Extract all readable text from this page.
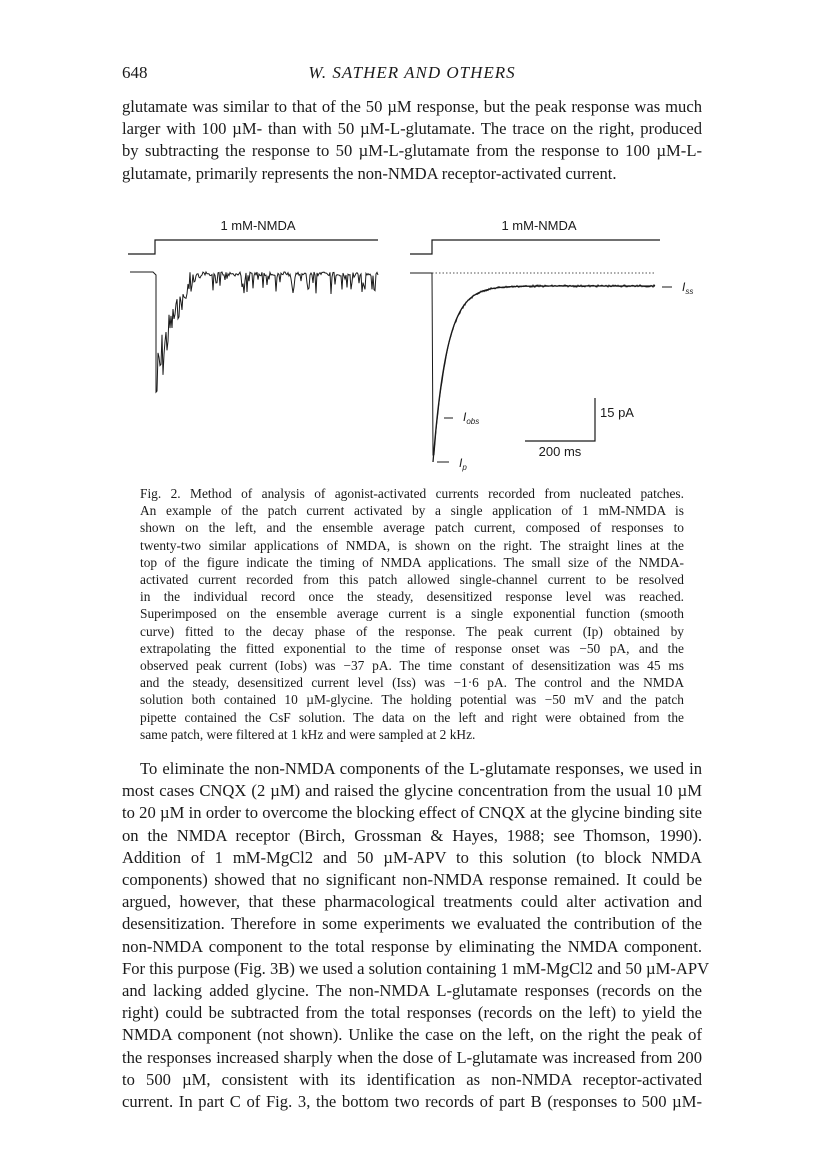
648	W. SATHER AND OTHERS
glutamate was similar to that of the 50 µM response, but the peak response was much
larger with 100 µM- than with 50 µM-L-glutamate. The trace on the right, produced
by subtracting the response to 50 µM-L-glutamate from the response to 100 µM-L-
glutamate, primarily represents the non-NMDA receptor-activated current.
1 mM-NMDA	1 mM-NMDA
$I_{ss}$
$I_{obs}$
$I_p$
15 pA
200 ms
Fig. 2. Method of analysis of agonist-activated currents recorded from nucleated patches.
An example of the patch current activated by a single application of 1 mM-NMDA is
shown on the left, and the ensemble average patch current, composed of responses to
twenty-two similar applications of NMDA, is shown on the right. The straight lines at the
top of the figure indicate the timing of NMDA applications. The small size of the NMDA-
activated current recorded from this patch allowed single-channel current to be resolved
in the individual record once the steady, desensitized response level was reached.
Superimposed on the ensemble average current is a single exponential function (smooth
curve) fitted to the decay phase of the response. The peak current (Ip) obtained by
extrapolating the fitted exponential to the time of response onset was −50 pA, and the
observed peak current (Iobs) was −37 pA. The time constant of desensitization was 45 ms
and the steady, desensitized current level (Iss) was −1·6 pA. The control and the NMDA
solution both contained 10 µM-glycine. The holding potential was −50 mV and the patch
pipette contained the CsF solution. The data on the left and right were obtained from the
same patch, were filtered at 1 kHz and were sampled at 2 kHz.
To eliminate the non-NMDA components of the L-glutamate responses, we used in
most cases CNQX (2 µM) and raised the glycine concentration from the usual 10 µM
to 20 µM in order to overcome the blocking effect of CNQX at the glycine binding site
on the NMDA receptor (Birch, Grossman & Hayes, 1988; see Thomson, 1990).
Addition of 1 mM-MgCl2 and 50 µM-APV to this solution (to block NMDA
components) showed that no significant non-NMDA response remained. It could be
argued, however, that these pharmacological treatments could alter activation and
desensitization. Therefore in some experiments we evaluated the contribution of the
non-NMDA component to the total response by eliminating the NMDA component.
For this purpose (Fig. 3B) we used a solution containing 1 mM-MgCl2 and 50 µM-APV
and lacking added glycine. The non-NMDA L-glutamate responses (records on the
right) could be subtracted from the total responses (records on the left) to yield the
NMDA component (not shown). Unlike the case on the left, on the right the peak of
the responses increased sharply when the dose of L-glutamate was increased from 200
to 500 µM, consistent with its identification as non-NMDA receptor-activated
current. In part C of Fig. 3, the bottom two records of part B (responses to 500 µM-
